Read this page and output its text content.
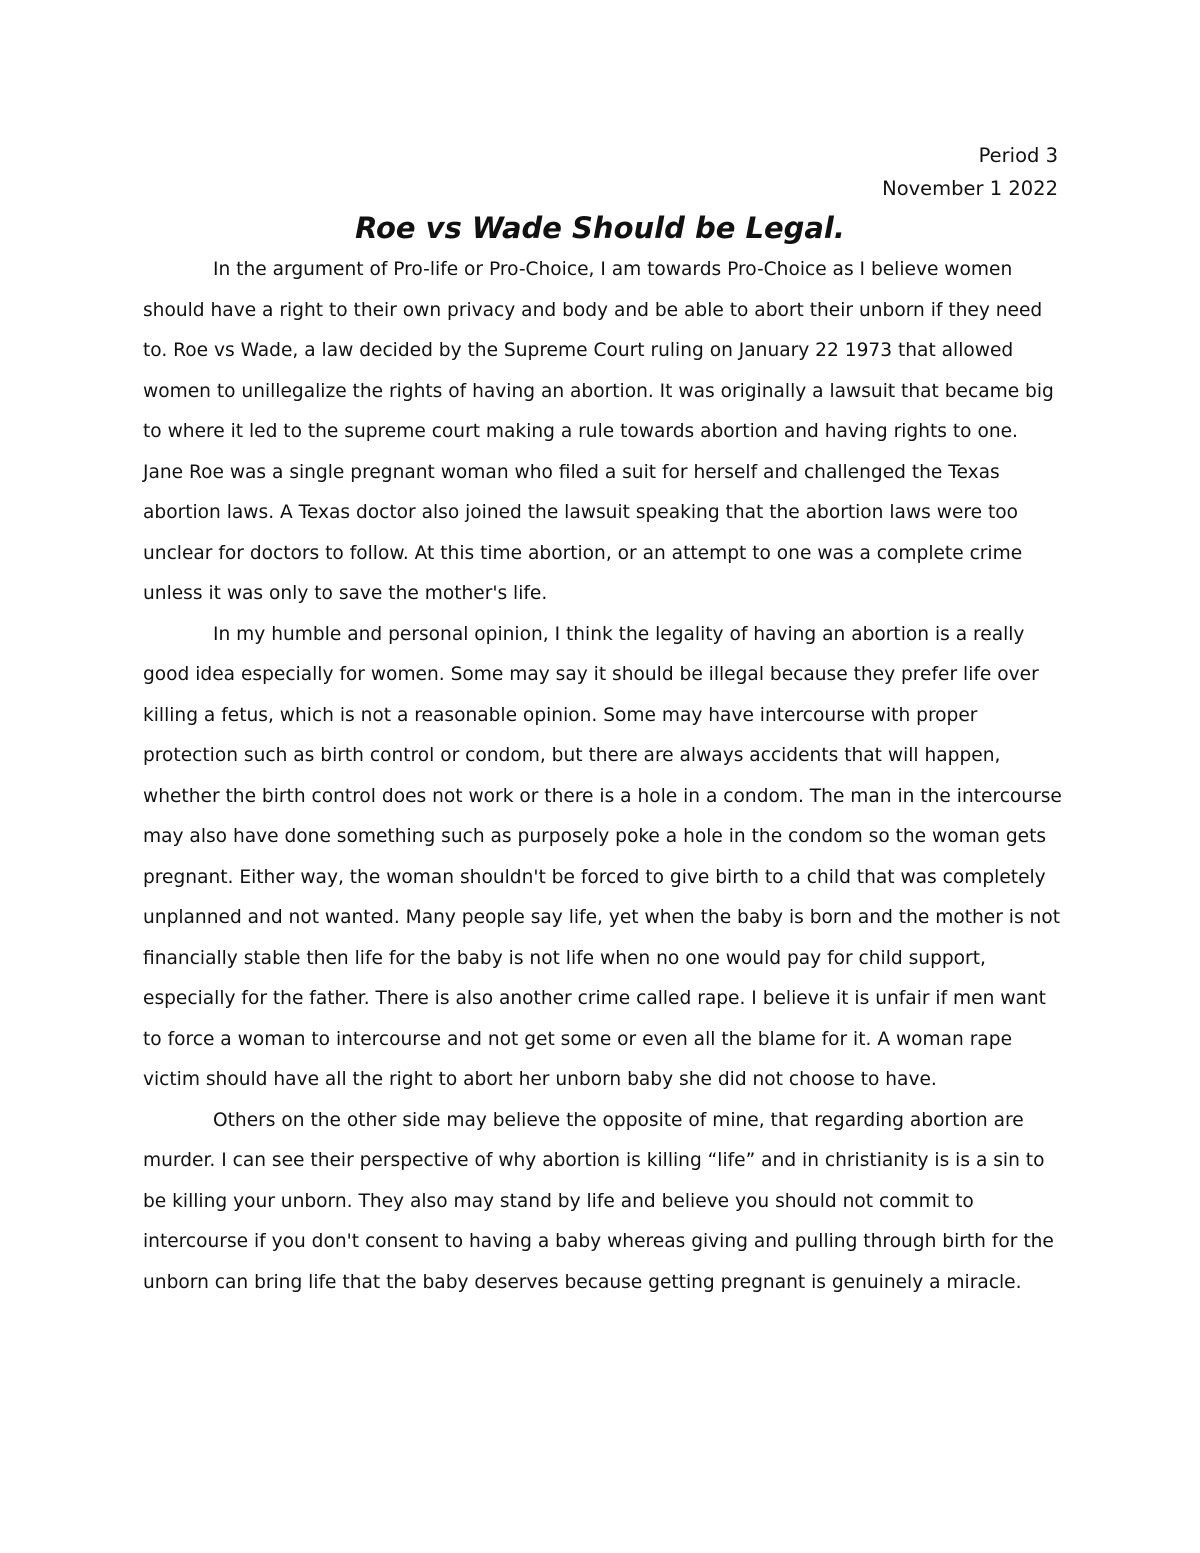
Period 3
November 1 2022
Roe vs Wade Should be Legal.

In the argument of Pro-life or Pro-Choice, I am towards Pro-Choice as I believe women should have a right to their own privacy and body and be able to abort their unborn if they need to. Roe vs Wade, a law decided by the Supreme Court ruling on January 22 1973 that allowed women to unillegalize the rights of having an abortion. It was originally a lawsuit that became big to where it led to the supreme court making a rule towards abortion and having rights to one. Jane Roe was a single pregnant woman who filed a suit for herself and challenged the Texas abortion laws. A Texas doctor also joined the lawsuit speaking that the abortion laws were too unclear for doctors to follow. At this time abortion, or an attempt to one was a complete crime unless it was only to save the mother's life.

In my humble and personal opinion, I think the legality of having an abortion is a really good idea especially for women. Some may say it should be illegal because they prefer life over killing a fetus, which is not a reasonable opinion. Some may have intercourse with proper protection such as birth control or condom, but there are always accidents that will happen, whether the birth control does not work or there is a hole in a condom. The man in the intercourse may also have done something such as purposely poke a hole in the condom so the woman gets pregnant. Either way, the woman shouldn't be forced to give birth to a child that was completely unplanned and not wanted. Many people say life, yet when the baby is born and the mother is not financially stable then life for the baby is not life when no one would pay for child support, especially for the father. There is also another crime called rape. I believe it is unfair if men want to force a woman to intercourse and not get some or even all the blame for it. A woman rape victim should have all the right to abort her unborn baby she did not choose to have.

Others on the other side may believe the opposite of mine, that regarding abortion are murder. I can see their perspective of why abortion is killing “life” and in christianity is is a sin to be killing your unborn. They also may stand by life and believe you should not commit to intercourse if you don't consent to having a baby whereas giving and pulling through birth for the unborn can bring life that the baby deserves because getting pregnant is genuinely a miracle.
